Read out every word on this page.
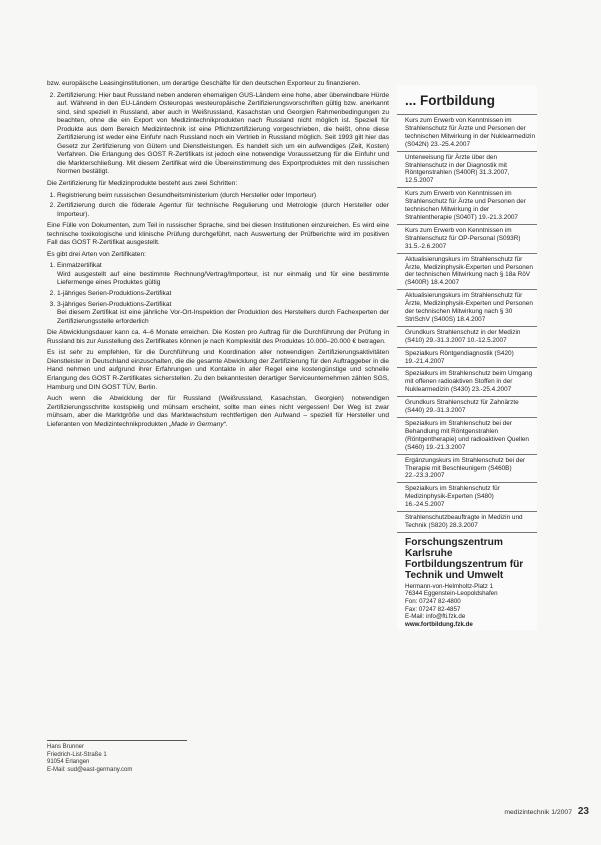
bzw. europäische Leasinginstitutionen, um derartige Geschäfte für den deutschen Exporteur zu finanzieren.

2. Zertifizierung: Hier baut Russland neben anderen ehemaligen GUS-Ländern eine hohe, aber überwindbare Hürde auf. Während in den EU-Ländern Osteuropas westeuropäische Zertifizierungsvorschriften gültig bzw. anerkannt sind, sind speziell in Russland, aber auch in Weißrussland, Kasachstan und Georgien Rahmenbedingungen zu beachten, ohne die ein Export von Medizintechnikprodukten nach Russland nicht möglich ist. Speziell für Produkte aus dem Bereich Medizintechnik ist eine Pflichtzertifizierung vorgeschrieben, die heißt, ohne diese Zertifizierung ist weder eine Einfuhr nach Russland noch ein Vertrieb in Russland möglich. Seit 1993 gilt hier das Gesetz zur Zertifizierung von Gütern und Dienstleistungen. Es handelt sich um ein aufwendiges (Zeit, Kosten) Verfahren. Die Erlangung des GOST R-Zertifikats ist jedoch eine notwendige Voraussetzung für die Einfuhr und die Markterschließung. Mit diesem Zertifikat wird die Übereinstimmung des Exportproduktes mit den russischen Normen bestätigt.

Die Zertifizierung für Medizinprodukte besteht aus zwei Schritten:

1. Registrierung beim russischen Gesundheitsministerium (durch Hersteller oder Importeur)
2. Zertifizierung durch die föderale Agentur für technische Regulierung und Metrologie (durch Hersteller oder Importeur).

Eine Fülle von Dokumenten, zum Teil in russischer Sprache, sind bei diesen Institutionen einzureichen. Es wird eine technische toxikologische und klinische Prüfung durchgeführt, nach Auswertung der Prüfberichte wird im positiven Fall das GOST R-Zertifikat ausgestellt.

Es gibt drei Arten von Zertifikaten:

1. Einmalzertifikat
Wird ausgestellt auf eine bestimmte Rechnung/Vertrag/Importeur, ist nur einmalig und für eine bestimmte Liefermenge eines Produktes gültig
2. 1-jähriges Serien-Produktions-Zertifikat
3. 3-jähriges Serien-Produktions-Zertifikat
Bei diesem Zertifikat ist eine jährliche Vor-Ort-Inspektion der Produktion des Herstellers durch Fachexperten der Zertifizierungsstelle erforderlich

Die Abwicklungsdauer kann ca. 4–6 Monate erreichen. Die Kosten pro Auftrag für die Durchführung der Prüfung in Russland bis zur Ausstellung des Zertifikates können je nach Komplexität des Produktes 10.000–20.000 € betragen.

Es ist sehr zu empfehlen, für die Durchführung und Koordination aller notwendigen Zertifizierungsaktivitäten Dienstleister in Deutschland einzuschalten, die die gesamte Abwicklung der Zertifizierung für den Auftraggeber in die Hand nehmen und aufgrund ihrer Erfahrungen und Kontakte in aller Regel eine kostengünstige und schnelle Erlangung des GOST R-Zertifikates sicherstellen. Zu den bekanntesten derartiger Serviceunternehmen zählen SGS, Hamburg und DIN GOST TÜV, Berlin.

Auch wenn die Abwicklung der für Russland (Weißrussland, Kasachstan, Georgien) notwendigen Zertifizierungsschritte kostspielig und mühsam erscheint, sollte man eines nicht vergessen! Der Weg ist zwar mühsam, aber die Marktgröße und das Marktwachstum rechtfertigen den Aufwand – speziell für Hersteller und Lieferanten von Medizintechnikprodukten „Made in Germany“.

Hans Brunner
Friedrich-List-Straße 1
91054 Erlangen
E-Mail: sud@east-germany.com
... Fortbildung
Kurs zum Erwerb von Kenntnissen im Strahlenschutz für Ärzte und Personen der technischen Mitwirkung in der Nuklearmedizin (S042N) 23.-25.4.2007
Unterweisung für Ärzte über den Strahlenschutz in der Diagnostik mit Röntgenstrahlen (S400R) 31.3.2007, 12.5.2007
Kurs zum Erwerb von Kenntnissen im Strahlenschutz für Ärzte und Personen der technischen Mitwirkung in der Strahlentherapie (S040T) 19.-21.3.2007
Kurs zum Erwerb von Kenntnissen im Strahlenschutz für OP-Personal (S093R) 31.5.-2.6.2007
Aktualisierungskurs im Strahlenschutz für Ärzte, Medizinphysik-Experten und Personen der technischen Mitwirkung nach § 18a RöV (S400R) 18.4.2007
Aktualisierungskurs im Strahlenschutz für Ärzte, Medizinphysik-Experten und Personen der technischen Mitwirkung nach § 30 StrlSchV (S400S) 18.4.2007
Grundkurs Strahlenschutz in der Medizin (S410) 29.-31.3.2007 10.-12.5.2007
Spezialkurs Röntgendiagnostik (S420) 19.-21.4.2007
Spezialkurs im Strahlenschutz beim Umgang mit offenen radioaktiven Stoffen in der Nuklearmedizin (S430) 23.-25.4.2007
Grundkurs Strahlenschutz für Zahnärzte (S440) 29.-31.3.2007
Spezialkurs im Strahlenschutz bei der Behandlung mit Röntgenstrahlen (Röntgentherapie) und radioaktiven Quellen (S460) 19.-21.3.2007
Ergänzungskurs im Strahlenschutz bei der Therapie mit Beschleunigern (S460B) 22.-23.3.2007
Spezialkurs im Strahlenschutz für Medizinphysik-Experten (S480) 16.-24.5.2007
Strahlenschutzbeauftragte in Medizin und Technik (S820) 28.3.2007
Forschungszentrum Karlsruhe Fortbildungszentrum für Technik und Umwelt
Hermann-von-Helmholtz-Platz 1
76344 Eggenstein-Leopoldshafen
Fon: 07247 82-4800
Fax: 07247 82-4857
E-Mail: info@fti.fzk.de
www.fortbildung.fzk.de
medizintechnik 1/2007 23
